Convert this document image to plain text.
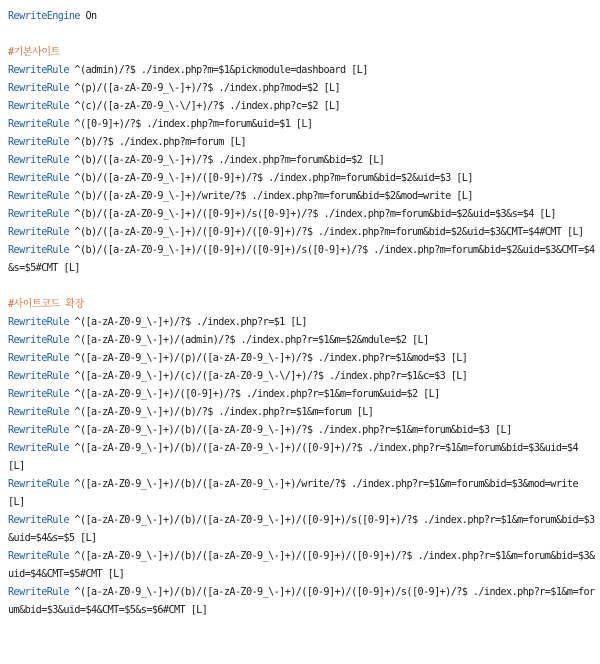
RewriteEngine On
#기본사이트
RewriteRule ^(admin)/?$ ./index.php?m=$1&pickmodule=dashboard [L]
RewriteRule ^(p)/([a-zA-Z0-9_\-]+)/?$ ./index.php?mod=$2 [L]
RewriteRule ^(c)/([a-zA-Z0-9_\-\/]+)/?$ ./index.php?c=$2 [L]
RewriteRule ^([0-9]+)/?$ ./index.php?m=forum&uid=$1 [L]
RewriteRule ^(b)/?$ ./index.php?m=forum [L]
RewriteRule ^(b)/([a-zA-Z0-9_\-]+)/?$ ./index.php?m=forum&bid=$2 [L]
RewriteRule ^(b)/([a-zA-Z0-9_\-]+)/([0-9]+)/?$ ./index.php?m=forum&bid=$2&uid=$3 [L]
RewriteRule ^(b)/([a-zA-Z0-9_\-]+)/write/?$ ./index.php?m=forum&bid=$2&mod=write [L]
RewriteRule ^(b)/([a-zA-Z0-9_\-]+)/([0-9]+)/s([0-9]+)/?$ ./index.php?m=forum&bid=$2&uid=$3&s=$4 [L]
RewriteRule ^(b)/([a-zA-Z0-9_\-]+)/([0-9]+)/([0-9]+)/?$ ./index.php?m=forum&bid=$2&uid=$3&CMT=$4#CMT [L]
RewriteRule ^(b)/([a-zA-Z0-9_\-]+)/([0-9]+)/([0-9]+)/s([0-9]+)/?$ ./index.php?m=forum&bid=$2&uid=$3&CMT=$4&s=$5#CMT [L]
#사이트코드 확장
RewriteRule ^([a-zA-Z0-9_\-]+)/?$ ./index.php?r=$1 [L]
RewriteRule ^([a-zA-Z0-9_\-]+)/(admin)/?$ ./index.php?r=$1&m=$2&mdule=$2 [L]
RewriteRule ^([a-zA-Z0-9_\-]+)/(p)/([a-zA-Z0-9_\-]+)/?$ ./index.php?r=$1&mod=$3 [L]
RewriteRule ^([a-zA-Z0-9_\-]+)/(c)/([a-zA-Z0-9_\-\/]+)/?$ ./index.php?r=$1&c=$3 [L]
RewriteRule ^([a-zA-Z0-9_\-]+)/([0-9]+)/?$ ./index.php?r=$1&m=forum&uid=$2 [L]
RewriteRule ^([a-zA-Z0-9_\-]+)/(b)/?$ ./index.php?r=$1&m=forum [L]
RewriteRule ^([a-zA-Z0-9_\-]+)/(b)/([a-zA-Z0-9_\-]+)/?$ ./index.php?r=$1&m=forum&bid=$3 [L]
RewriteRule ^([a-zA-Z0-9_\-]+)/(b)/([a-zA-Z0-9_\-]+)/([0-9]+)/?$ ./index.php?r=$1&m=forum&bid=$3&uid=$4 [L]
RewriteRule ^([a-zA-Z0-9_\-]+)/(b)/([a-zA-Z0-9_\-]+)/write/?$ ./index.php?r=$1&m=forum&bid=$3&mod=write [L]
RewriteRule ^([a-zA-Z0-9_\-]+)/(b)/([a-zA-Z0-9_\-]+)/([0-9]+)/s([0-9]+)/?$ ./index.php?r=$1&m=forum&bid=$3&uid=$4&s=$5 [L]
RewriteRule ^([a-zA-Z0-9_\-]+)/(b)/([a-zA-Z0-9_\-]+)/([0-9]+)/([0-9]+)/?$ ./index.php?r=$1&m=forum&bid=$3&uid=$4&CMT=$5#CMT [L]
RewriteRule ^([a-zA-Z0-9_\-]+)/(b)/([a-zA-Z0-9_\-]+)/([0-9]+)/([0-9]+)/s([0-9]+)/?$ ./index.php?r=$1&m=forum&bid=$3&uid=$4&CMT=$5&s=$6#CMT [L]
